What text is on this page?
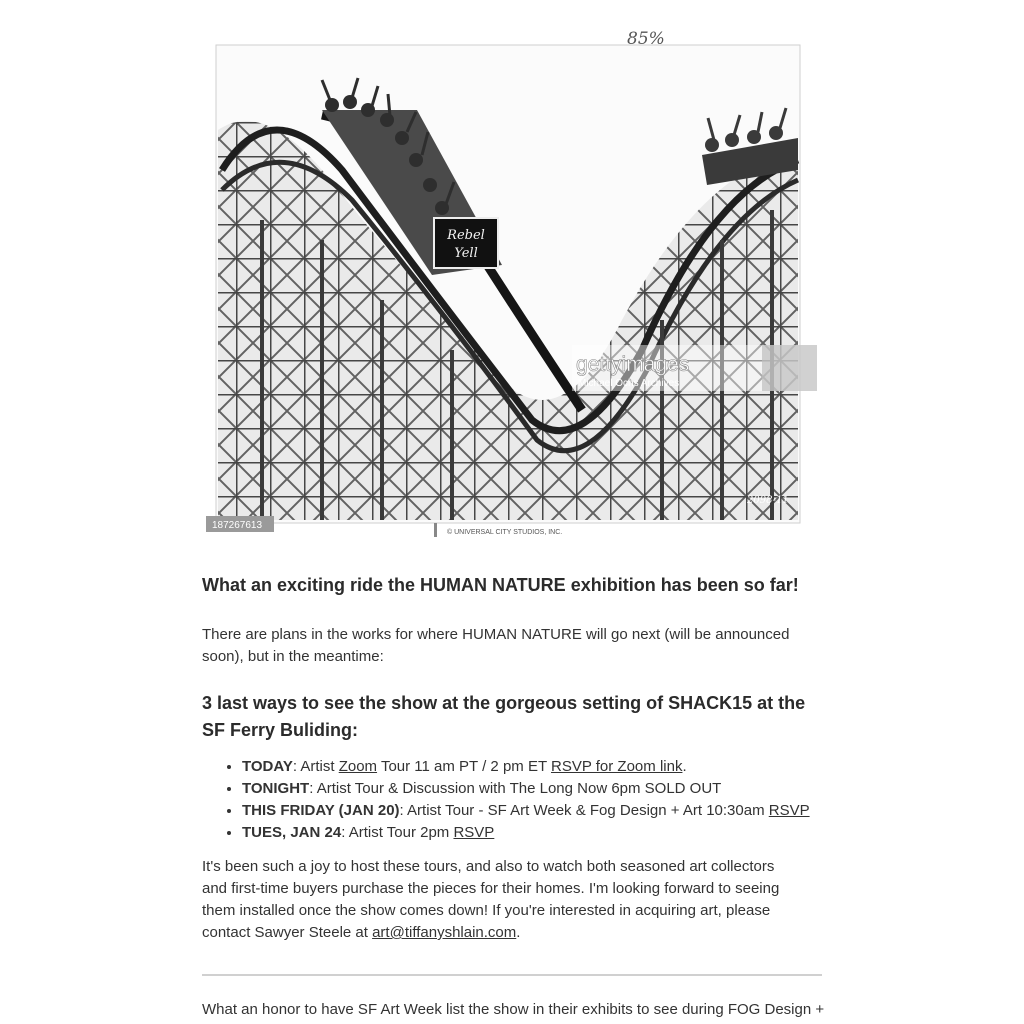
Rebel
Yell
85%
gettyimages
Michael Ochs Archives
187267613
2098-11
© UNIVERSAL CITY STUDIOS, INC.
What an exciting ride the HUMAN NATURE exhibition has been so far!

There are plans in the works for where HUMAN NATURE will go next (will be announced soon), but in the meantime:

3 last ways to see the show at the gorgeous setting of SHACK15 at the SF Ferry Buliding:
• TODAY: Artist Zoom Tour 11 am PT / 2 pm ET RSVP for Zoom link.
• TONIGHT: Artist Tour & Discussion with The Long Now 6pm SOLD OUT
• THIS FRIDAY (JAN 20): Artist Tour - SF Art Week & Fog Design + Art 10:30am RSVP
• TUES, JAN 24: Artist Tour 2pm RSVP

It's been such a joy to host these tours, and also to watch both seasoned art collectors and first-time buyers purchase the pieces for their homes. I'm looking forward to seeing them installed once the show comes down! If you're interested in acquiring art, please contact Sawyer Steele at art@tiffanyshlain.com.

What an honor to have SF Art Week list the show in their exhibits to see during FOG Design +
